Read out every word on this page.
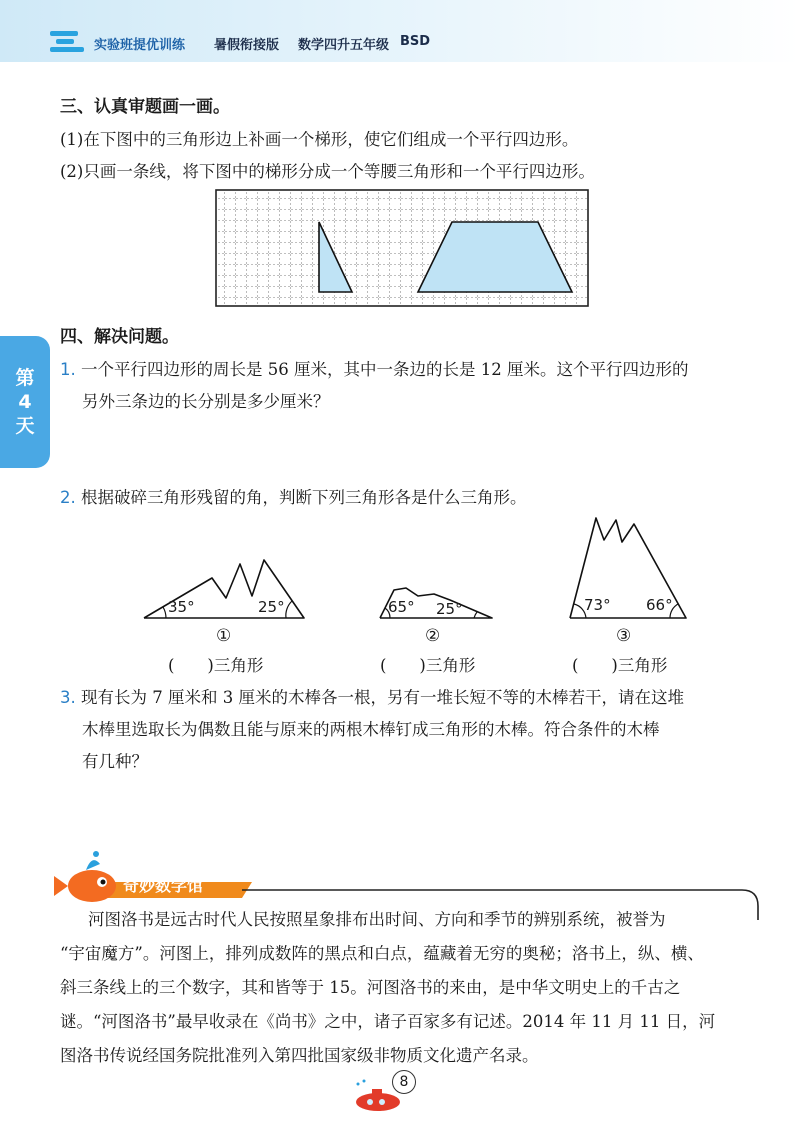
实验班提优训练 暑假衔接版 数学四升五年级 BSD
第
4
天
三、认真审题画一画。
(1)在下图中的三角形边上补画一个梯形，使它们组成一个平行四边形。
(2)只画一条线，将下图中的梯形分成一个等腰三角形和一个平行四边形。
四、解决问题。
1. 一个平行四边形的周长是 56 厘米，其中一条边的长是 12 厘米。这个平行四边形的
另外三条边的长分别是多少厘米？
2. 根据破碎三角形残留的角，判断下列三角形各是什么三角形。
35°	25°	65° 25°	73° 66°
①	②	③
(　　)三角形	(　　)三角形	(　　)三角形
3. 现有长为 7 厘米和 3 厘米的木棒各一根，另有一堆长短不等的木棒若干，请在这堆
木棒里选取长为偶数且能与原来的两根木棒钉成三角形的木棒。符合条件的木棒
有几种？
奇妙数学馆
河图洛书是远古时代人民按照星象排布出时间、方向和季节的辨别系统，被誉为
“宇宙魔方”。河图上，排列成数阵的黑点和白点，蕴藏着无穷的奥秘；洛书上，纵、横、
斜三条线上的三个数字，其和皆等于 15。河图洛书的来由，是中华文明史上的千古之
谜。“河图洛书”最早收录在《尚书》之中，诸子百家多有记述。2014 年 11 月 11 日，河
图洛书传说经国务院批准列入第四批国家级非物质文化遗产名录。
8
